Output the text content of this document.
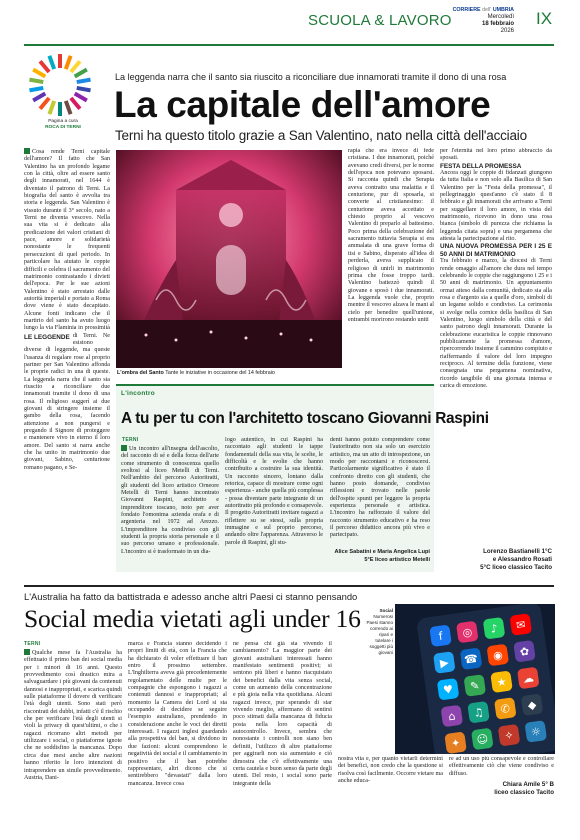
SCUOLA & LAVORO
CORRIERE dell' UMBRIA
Mercoledì
18 febbraio
2026
IX
Pagina a cura
ROCA DI TERNI
La leggenda narra che il santo sia riuscito a riconciliare due innamorati tramite il dono di una rosa
La capitale dell'amore
Terni ha questo titolo grazie a San Valentino, nato nella città dell'acciaio
Cosa rende Terni capitale dell'amore? Il fatto che San Valentino ha un profondo legame con la città, oltre ad essere santo degli innamorati, nel 1644 è diventato il patrono di Terni. La biografia del santo è avvolta tra storia e leggenda. San Valentino è vissuto durante il 3° secolo, nato a Terni ne diventa vescovo. Nella sua vita si è dedicato alla predicazione dei valori cristiani di pace, amore e solidarietà nonostante le frequenti persecuzioni di quel periodo. In particolare ha aiutato le coppie difficili e celebra il sacramento del matrimonio contrastando i divieti dell'epoca. Per le sue azioni Valentino è stato arrestato dalle autorità imperiali e portato a Roma dove viene è stato decapitato. Alcune fonti indicano che il martirio del santo ha avuto luogo lungo la via Flaminia in prossimità di Terni.
LE LEGGENDE	Ne esistono diverse di leggende, ma queste l'usanza di regalare rose al proprio partner per San Valentino affonda le proprie radici in una di queste. La leggenda narra che il santo sia riuscito a riconciliare due innamorati tramite il dono di una rosa. Il religioso suggerì ai due giovani di stringere insieme il gambo della rosa, facendo attenzione a non pungersi e pregando il Signore di proteggere e mantenere vivo in eterno il loro amore. Del santo si narra anche che ha unito in matrimonio due giovani, Sabino, centurione romano pagano, e Se-
L'ombra del Santo Tante le iniziative in occasione del 14 febbraio
rapia che era invece di fede cristiana. I due innamorati, poiché avevano credi diversi, per le norme dell'epoca non potevano sposarsi. Si racconta quindi che Serapia aveva contratto una malattia e il centurione, pur di sposarla, si converte al cristianesimo: il centurione aveva accettato e chiesto proprio al vescovo Valentino di preparlo al battesimo. Poco prima della celebrazione del sacramento tuttavia Serapia si era ammalata di una grave forma di tisi e Sabino, disperato all'idea di perderla, aveva supplicato il religioso di unirli in matrimonio prima che fosse troppo tardi. Valentino battezzò quindi il giovane e sposò i due innamorati. La leggenda vuole che, proprio mentre il vescovo alzava le mani al cielo per benedire quell'unione, entrambi morirono restando uniti
per l'eternità nel loro primo abbraccio da sposati.
FESTA DELLA PROMESSA
Ancora oggi le coppie di fidanzati giungono da tutta Italia e non solo alla Basilica di San Valentino per la "Festa della promessa", il pellegrinaggio quest'anno c'è stato il 8 febbraio e gli innamorati che arrivano a Terni per suggellare il loro amore, in vista del matrimonio, ricevono in dono una rosa bianca (simbolo di purezza che richiama la leggenda citata sopra) e una pergamena che attesta la partecipazione al rito.
UNA NUOVA PROMESSA PER I 25 E 50 ANNI DI MATRIMONIO
Tra febbraio e marzo, la diocesi di Terni rende omaggio all'amore che dura nel tempo celebrando le coppie che raggiungono i 25 e i 50 anni di matrimonio. Un appuntamento ormai atteso dalla comunità, dedicato sia alla rosa e d'argento sia a quelle d'oro, simboli di un legame solido e condiviso. La cerimonia si svolge nella cornice della basilica di San Valentino, luogo simbolo della città e del santo patrono degli innamorati. Durante la celebrazione eucaristica le coppie rinnovano pubblicamente la promessa d'amore, ripercorrendo insieme il cammino compiuto e riaffermando il valore del loro impegno reciproco. Al termine della funzione, viene consegnata una pergamena nominativa, ricordo tangibile di una giornata intensa e carica di emozione.
Lorenzo Bastianelli 1°C
e Alessandro Rosati
5°C liceo classico Tacito
L'incontro
A tu per tu con l'architetto toscano Giovanni Raspini
TERNI
Un incontro all'insegna dell'ascolto, del racconto di sé e della forza dell'arte come strumento di conoscenza quello svoltosi al liceo Metelli di Terni. Nell'ambito del percorso Autoritratti, gli studenti del liceo artistico Orneore Metelli di Terni hanno incontrato Giovanni Raspini, architetto e imprenditore toscano, noto per aver fondato l'omonima azienda orafa e di argenteria nel 1972 ad Arezzo. L'imprenditore ha condiviso con gli studenti la propria storia personale e il suo percorso umano e professionale. L'incontro si è trasformato in un dia-
logo autentico, in cui Raspini ha raccontato agli studenti le tappe fondamentali della sua vita, le scelte, le difficoltà e le svolte che hanno contribuito a costruire la sua identità. Un racconto sincero, lontano dalla retorica, capace di mostrare come ogni esperienza - anche quella più complessa - possa diventare parte integrante di un autoritratto più profondo e consapevole. Il progetto Autoritratti invitare ragazzi a riflettere su se stessi, sulla propria immagine e sul proprio percorso, andando oltre l'apparenza. Attraverso le parole di Raspini, gli stu-
denti hanno potuto comprendere come l'autoritratto non sia solo un esercizio artistico, ma un atto di introspezione, un modo per raccontarsi e riconoscersi. Particolarmente significativo è stato il confronto diretto con gli studenti, che hanno posto domande, condiviso riflessioni e trovato nelle parole dell'ospite spunti per leggere la propria esperienza personale e artistica. L'incontro ha rafforzato il valore del racconto strumento educativo e ha reso il percorso didattico ancora più vivo e partecipato.
Alice Sabatini e Maria Angelica Lupi
5°E liceo artistico Metelli
L'Australia ha fatto da battistrada e adesso anche altri Paesi ci stanno pensando
Social media vietati agli under 16
TERNI
Qualche mese fa l'Australia ha effettuato il primo ban dei social media per i minori di 16 anni. Questo provvedimento così drastico mira a salvaguardare i più giovani da contenuti dannosi e inappropriati, e scarica quindi sulle piattaforme il dovere di verificare l'età degli utenti. Sono stati però riscontrati dei dubbi, infatti c'è il rischio che per verificare l'età degli utenti si violi la privacy di quest'ultimi, o che i ragazzi ricorrano altri metodi per utilizzare i social, o piattaforme ignote che ne soddisfino la mancanza. Dopo circa due mesi anche altre nazioni hanno riferito le loro intenzioni di intraprendere un simile provvedimento. Austria, Dani-
marca e Francia stanno decidendo i propri limiti di età, con la Francia che ha dichiarato di voler effettuare il ban entro il prossimo settembre. L'Inghilterra aveva già precedentemente regolamentato delle multe per le compagnie che espongono i ragazzi a contenuti dannosi e inappropriati; al momento la Camera dei Lord si sta occupando di decidere se seguire l'esempio australiano, prendendo in considerazione anche le voci dei diretti interessati. I ragazzi inglesi guardando alla prospettiva del ban, si dividono in due fazioni: alcuni comprendono le negatività dei social e il cambiamento in positivo che il ban potrebbe rappresentare, altri dicono che si sentirebbero "devastati" dalla loro mancanza. Invece cosa
ne pensa chi già sta vivendo il cambiamento? La maggior parte dei giovani australiani interessati hanno manifestato sentimenti positivi; si sentono più liberi e hanno riacquistato dei benefici dalla vita senza social, come un aumento della concentrazione e più gioia nella vita quotidiana. Alcuni ragazzi invece, pur sperando di star vivendo meglio, affermano di sentirsi poco stimati dalla mancanza di fiducia posta nella loro capacità di autocontrollo. Invece, sembra che nonostante i controlli non siano ben definiti, l'utilizzo di altre piattaforme per aggirarli non sia aumentato e ciò dimostra che c'è effettivamente una certa cautela e buon senso da parte degli utenti. Del resto, i social sono parte integrante della
f ◎ ♪ ✉
▶ ☎ ◉ ✿
♥ ✎ ★ ☁
⌂ ♫ ✆ ◆
✦ ☺ ✧ ☼
Social
Numerosi Paesi stanno correndo ai ripari e tutelare i soggetti più giovani
nostra vita e, per quanto vietarli determini dei benefici, non credo che la questione si risolva così facilmente. Occorre vietare ma anche educa-
re ad un uso più consapevole e controllare effettivamente ciò che viene condiviso e diffuso.
Chiara Amile 5° B
liceo classico Tacito
